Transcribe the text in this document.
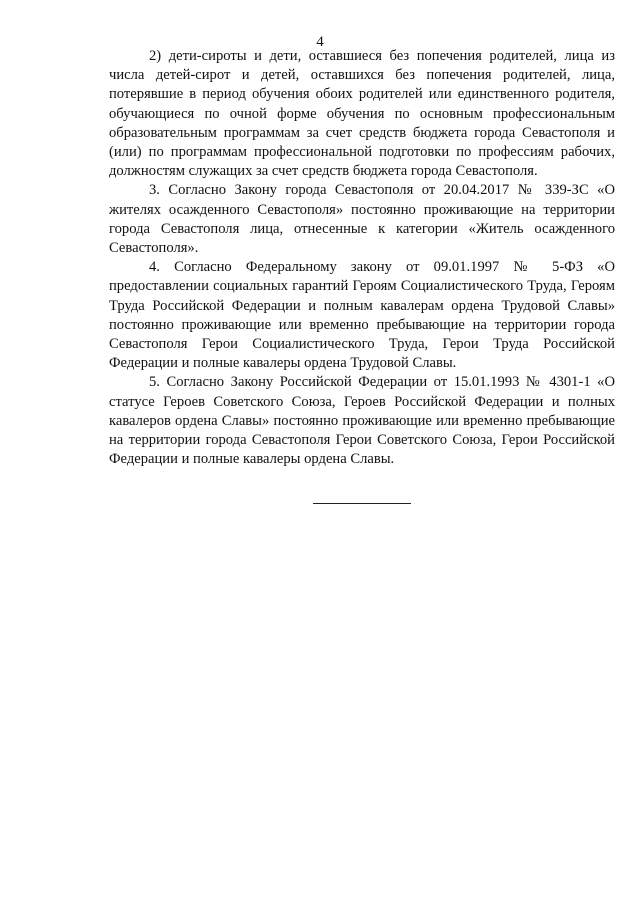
4

2) дети-сироты и дети, оставшиеся без попечения родителей, лица из числа детей-сирот и детей, оставшихся без попечения родителей, лица, потерявшие в период обучения обоих родителей или единственного родителя, обучающиеся по очной форме обучения по основным профессиональным образовательным программам за счет средств бюджета города Севастополя и (или) по программам профессиональной подготовки по профессиям рабочих, должностям служащих за счет средств бюджета города Севастополя.

3. Согласно Закону города Севастополя от 20.04.2017 № 339-ЗС «О жителях осажденного Севастополя» постоянно проживающие на территории города Севастополя лица, отнесенные к категории «Житель осажденного Севастополя».

4. Согласно Федеральному закону от 09.01.1997 № 5-ФЗ «О предоставлении социальных гарантий Героям Социалистического Труда, Героям Труда Российской Федерации и полным кавалерам ордена Трудовой Славы» постоянно проживающие или временно пребывающие на территории города Севастополя Герои Социалистического Труда, Герои Труда Российской Федерации и полные кавалеры ордена Трудовой Славы.

5. Согласно Закону Российской Федерации от 15.01.1993 № 4301-1 «О статусе Героев Советского Союза, Героев Российской Федерации и полных кавалеров ордена Славы» постоянно проживающие или временно пребывающие на территории города Севастополя Герои Советского Союза, Герои Российской Федерации и полные кавалеры ордена Славы.
